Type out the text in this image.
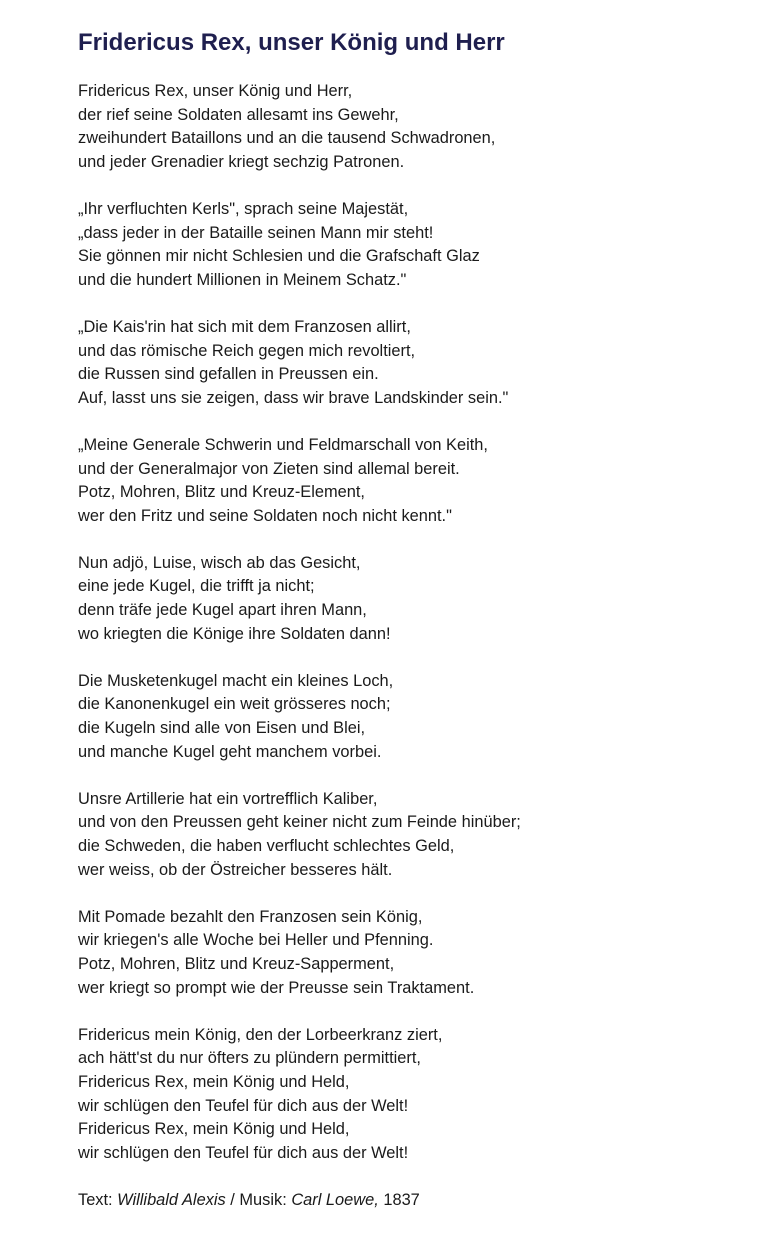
Fridericus Rex, unser König und Herr
Fridericus Rex, unser König und Herr,
der rief seine Soldaten allesamt ins Gewehr,
zweihundert Bataillons und an die tausend Schwadronen,
und jeder Grenadier kriegt sechzig Patronen.
„Ihr verfluchten Kerls", sprach seine Majestät,
„dass jeder in der Bataille seinen Mann mir steht!
Sie gönnen mir nicht Schlesien und die Grafschaft Glaz
und die hundert Millionen in Meinem Schatz."
„Die Kais'rin hat sich mit dem Franzosen allirt,
und das römische Reich gegen mich revoltiert,
die Russen sind gefallen in Preussen ein.
Auf, lasst uns sie zeigen, dass wir brave Landskinder sein."
„Meine Generale Schwerin und Feldmarschall von Keith,
und der Generalmajor von Zieten sind allemal bereit.
Potz, Mohren, Blitz und Kreuz-Element,
wer den Fritz und seine Soldaten noch nicht kennt."
Nun adjö, Luise, wisch ab das Gesicht,
eine jede Kugel, die trifft ja nicht;
denn träfe jede Kugel apart ihren Mann,
wo kriegten die Könige ihre Soldaten dann!
Die Musketenkugel macht ein kleines Loch,
die Kanonenkugel ein weit grösseres noch;
die Kugeln sind alle von Eisen und Blei,
und manche Kugel geht manchem vorbei.
Unsre Artillerie hat ein vortrefflich Kaliber,
und von den Preussen geht keiner nicht zum Feinde hinüber;
die Schweden, die haben verflucht schlechtes Geld,
wer weiss, ob der Östreicher besseres hält.
Mit Pomade bezahlt den Franzosen sein König,
wir kriegen's alle Woche bei Heller und Pfenning.
Potz, Mohren, Blitz und Kreuz-Sapperment,
wer kriegt so prompt wie der Preusse sein Traktament.
Fridericus mein König, den der Lorbeerkranz ziert,
ach hätt'st du nur öfters zu plündern permittiert,
Fridericus Rex, mein König und Held,
wir schlügen den Teufel für dich aus der Welt!
Fridericus Rex, mein König und Held,
wir schlügen den Teufel für dich aus der Welt!
Text: Willibald Alexis / Musik: Carl Loewe, 1837
